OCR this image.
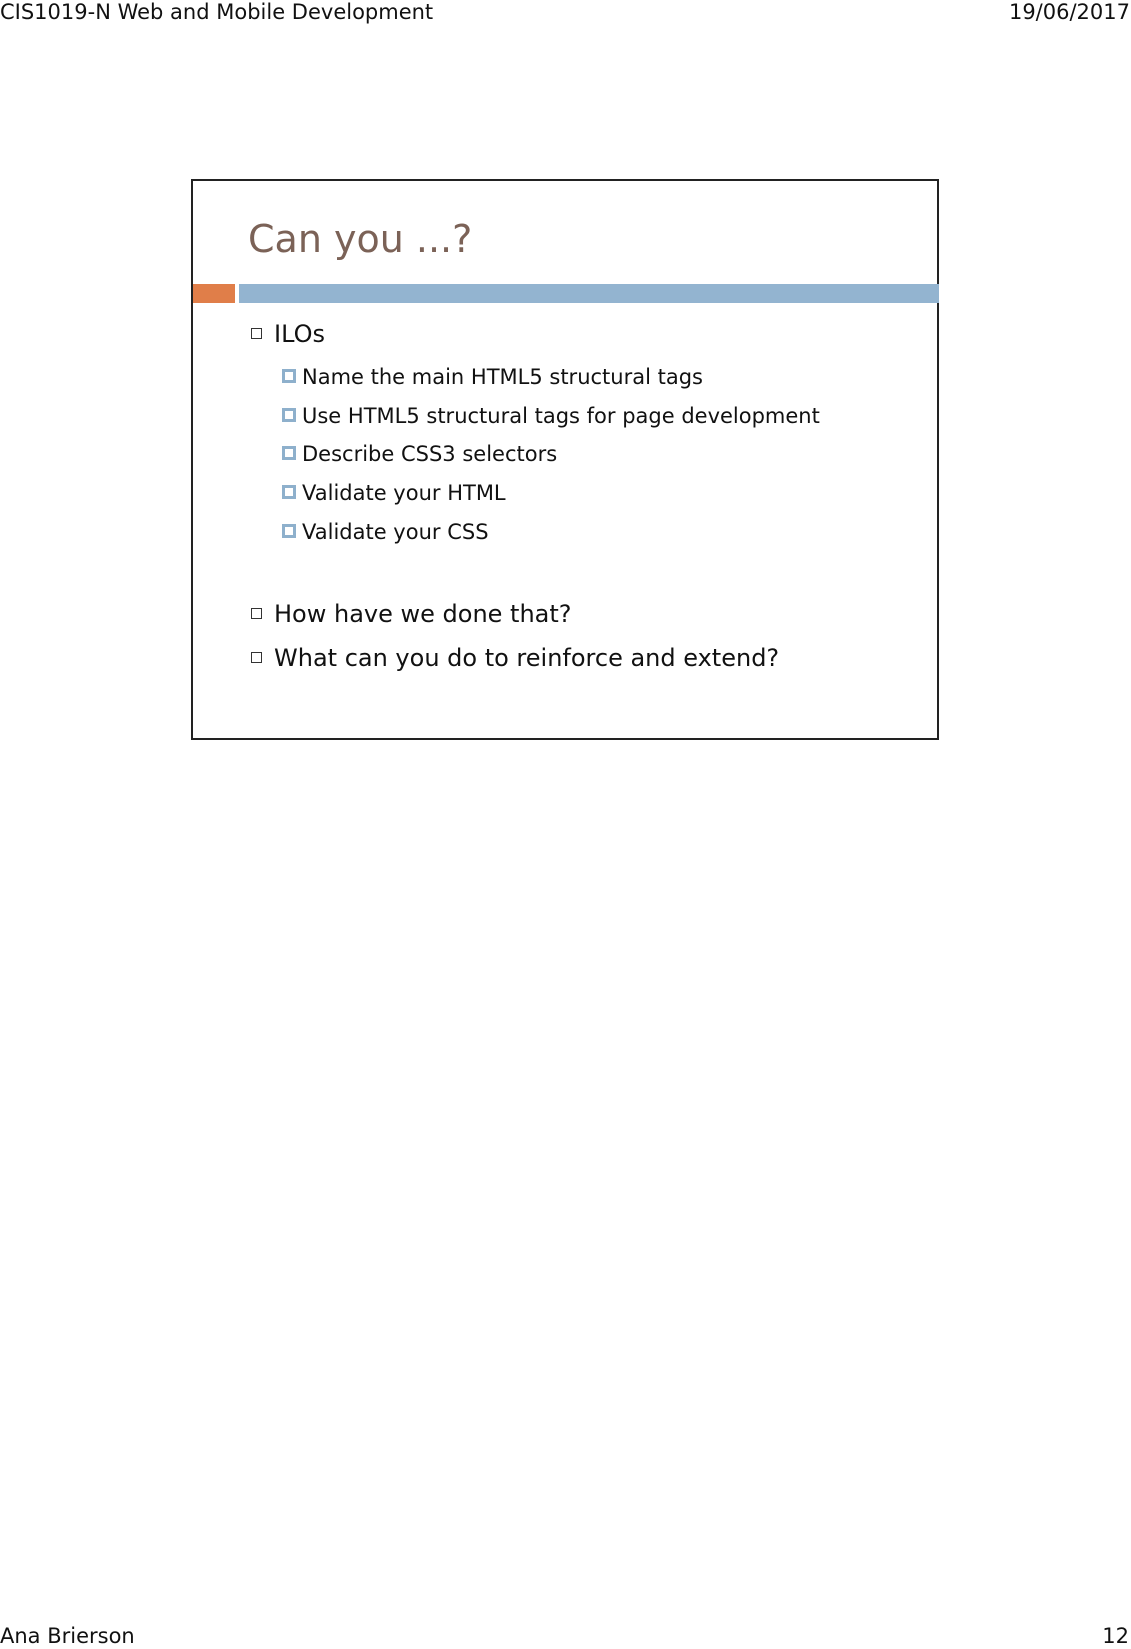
CIS1019-N Web and Mobile Development	19/06/2017
Can you ...?
ILOs
Name the main HTML5 structural tags
Use HTML5 structural tags for page development
Describe CSS3 selectors
Validate your HTML
Validate your CSS
How have we done that?
What can you do to reinforce and extend?
Ana Brierson	12
